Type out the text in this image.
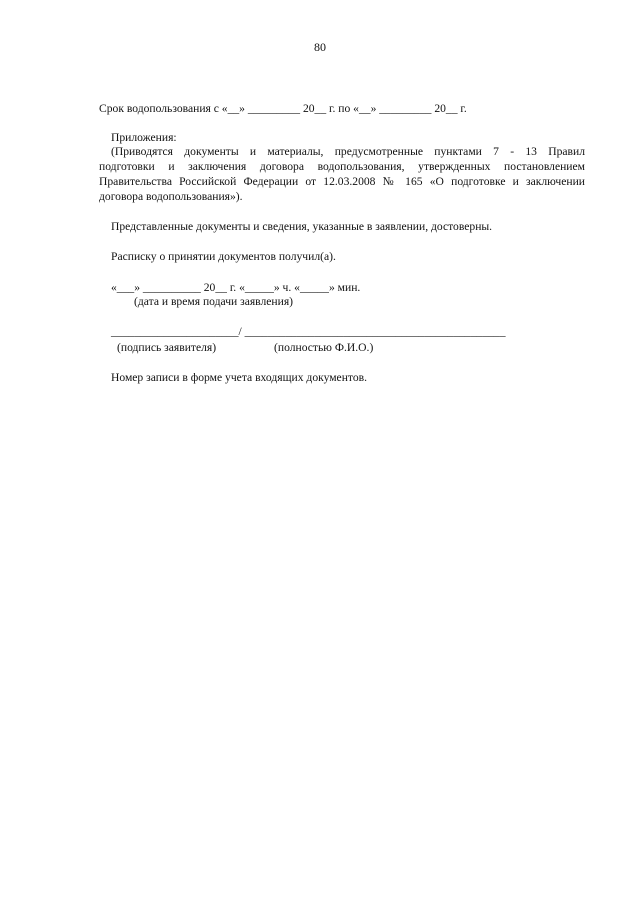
80
Срок водопользования с «__» _________ 20__ г. по «__» _________ 20__ г.
Приложения:
(Приводятся документы и материалы, предусмотренные пунктами 7 - 13 Правил
подготовки и заключения договора водопользования, утвержденных постановлением
Правительства Российской Федерации от 12.03.2008 № 165 «О подготовке и заключении
договора водопользования»).
Представленные документы и сведения, указанные в заявлении, достоверны.
Расписку о принятии документов получил(а).
«___» __________ 20__ г. «_____» ч. «_____» мин.
(дата и время подачи заявления)
______________________/ _____________________________________________
(подпись заявителя)	(полностью Ф.И.О.)
Номер записи в форме учета входящих документов.
